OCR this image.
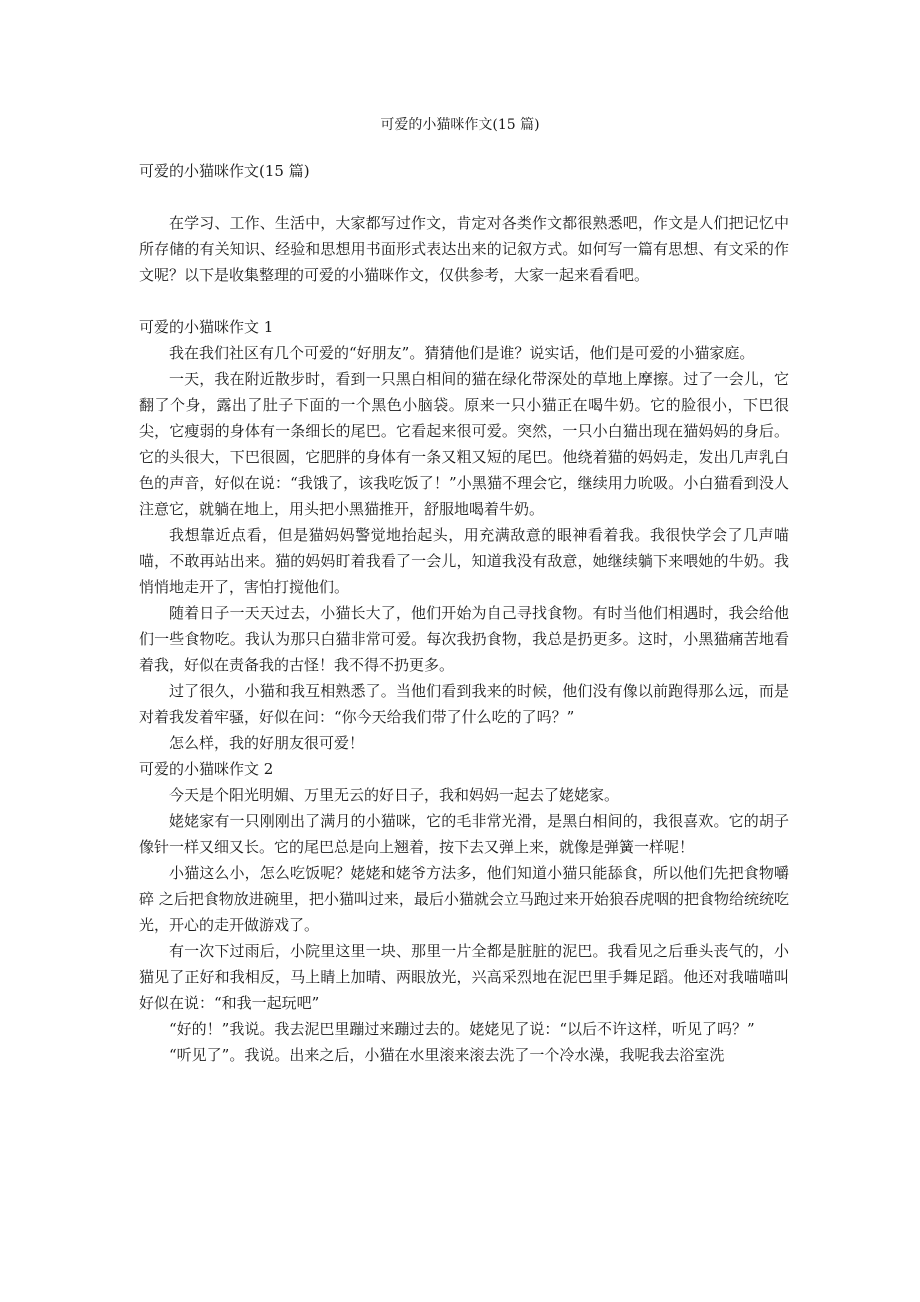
可爱的小猫咪作文(15 篇)

可爱的小猫咪作文(15 篇)

在学习、工作、生活中，大家都写过作文，肯定对各类作文都很熟悉吧，作文是人们把记忆中所存储的有关知识、经验和思想用书面形式表达出来的记叙方式。如何写一篇有思想、有文采的作文呢？以下是收集整理的可爱的小猫咪作文，仅供参考，大家一起来看看吧。

可爱的小猫咪作文 1

我在我们社区有几个可爱的“好朋友”。猜猜他们是谁？说实话，他们是可爱的小猫家庭。

一天，我在附近散步时，看到一只黑白相间的猫在绿化带深处的草地上摩擦。过了一会儿，它翻了个身，露出了肚子下面的一个黑色小脑袋。原来一只小猫正在喝牛奶。它的脸很小，下巴很尖，它瘦弱的身体有一条细长的尾巴。它看起来很可爱。突然，一只小白猫出现在猫妈妈的身后。它的头很大，下巴很圆，它肥胖的身体有一条又粗又短的尾巴。他绕着猫的妈妈走，发出几声乳白色的声音，好似在说：“我饿了，该我吃饭了！”小黑猫不理会它，继续用力吮吸。小白猫看到没人注意它，就躺在地上，用头把小黑猫推开，舒服地喝着牛奶。

我想靠近点看，但是猫妈妈警觉地抬起头，用充满敌意的眼神看着我。我很快学会了几声喵喵，不敢再站出来。猫的妈妈盯着我看了一会儿，知道我没有敌意，她继续躺下来喂她的牛奶。我悄悄地走开了，害怕打搅他们。

随着日子一天天过去，小猫长大了，他们开始为自己寻找食物。有时当他们相遇时，我会给他们一些食物吃。我认为那只白猫非常可爱。每次我扔食物，我总是扔更多。这时，小黑猫痛苦地看着我，好似在责备我的古怪！我不得不扔更多。

过了很久，小猫和我互相熟悉了。当他们看到我来的时候，他们没有像以前跑得那么远，而是对着我发着牢骚，好似在问：“你今天给我们带了什么吃的了吗？”

怎么样，我的好朋友很可爱！

可爱的小猫咪作文 2

今天是个阳光明媚、万里无云的好日子，我和妈妈一起去了姥姥家。

姥姥家有一只刚刚出了满月的小猫咪，它的毛非常光滑，是黑白相间的，我很喜欢。它的胡子像针一样又细又长。它的尾巴总是向上翘着，按下去又弹上来，就像是弹簧一样呢！

小猫这么小，怎么吃饭呢？姥姥和姥爷方法多，他们知道小猫只能舔食，所以他们先把食物嚼碎 之后把食物放进碗里，把小猫叫过来，最后小猫就会立马跑过来开始狼吞虎咽的把食物给统统吃光，开心的走开做游戏了。

有一次下过雨后，小院里这里一块、那里一片全都是脏脏的泥巴。我看见之后垂头丧气的，小猫见了正好和我相反，马上睛上加晴、两眼放光，兴高采烈地在泥巴里手舞足蹈。他还对我喵喵叫好似在说：“和我一起玩吧”

“好的！”我说。我去泥巴里蹦过来蹦过去的。姥姥见了说：“以后不许这样，听见了吗？”

“听见了”。我说。出来之后，小猫在水里滚来滚去洗了一个冷水澡，我呢我去浴室洗
